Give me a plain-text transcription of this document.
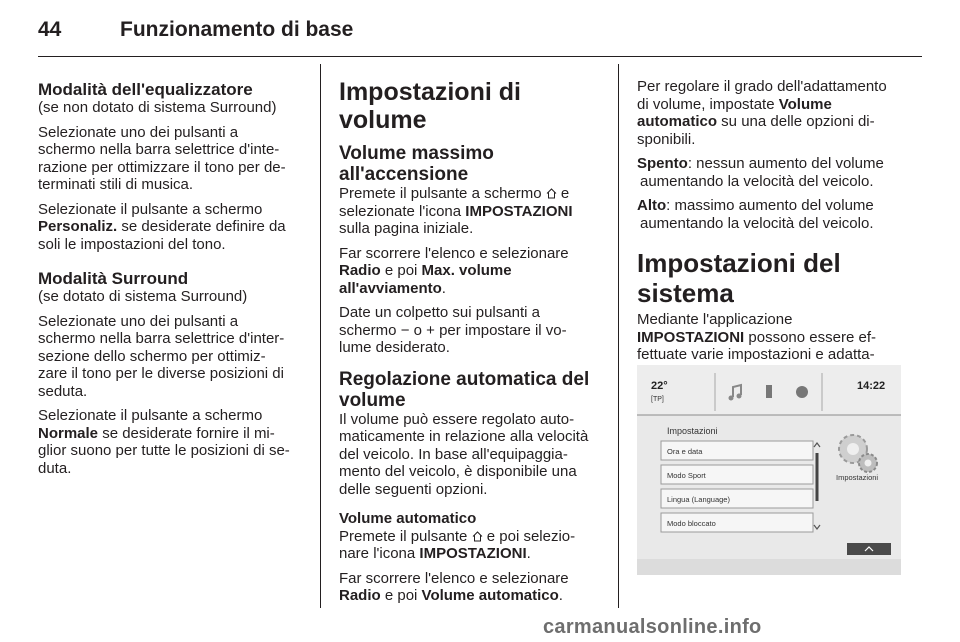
44	Funzionamento di base
Modalità dell'equalizzatore

(se non dotato di sistema Surround)

Selezionate uno dei pulsanti a
schermo nella barra selettrice d'inte-
razione per ottimizzare il tono per de-
terminati stili di musica.

Selezionate il pulsante a schermo
Personaliz. se desiderate definire da
soli le impostazioni del tono.

Modalità Surround

(se dotato di sistema Surround)

Selezionate uno dei pulsanti a
schermo nella barra selettrice d'inter-
sezione dello schermo per ottimiz-
zare il tono per le diverse posizioni di
seduta.

Selezionate il pulsante a schermo
Normale se desiderate fornire il mi-
glior suono per tutte le posizioni di se-
duta.

Impostazioni di volume
Volume massimo all'accensione

Premete il pulsante a schermo  e
selezionate l'icona IMPOSTAZIONI
sulla pagina iniziale.

Far scorrere l'elenco e selezionare
Radio e poi Max. volume
all'avviamento.

Date un colpetto sui pulsanti a
schermo − o + per impostare il vo-
lume desiderato.

Regolazione automatica del
volume

Il volume può essere regolato auto-
maticamente in relazione alla velocità
del veicolo. In base all'equipaggia-
mento del veicolo, è disponibile una
delle seguenti opzioni.

Volume automatico

Premete il pulsante  e poi selezio-
nare l'icona IMPOSTAZIONI.

Far scorrere l'elenco e selezionare
Radio e poi Volume automatico.

Per regolare il grado dell'adattamento
di volume, impostate Volume
automatico su una delle opzioni di-
sponibili.

Spento: nessun aumento del volume
aumentando la velocità del veicolo.

Alto: massimo aumento del volume
aumentando la velocità del veicolo.

Impostazioni del sistema

Mediante l'applicazione
IMPOSTAZIONI possono essere ef-
fettuate varie impostazioni e adatta-

22°
[TP]
14:22
Impostazioni
Ora e data
Modo Sport
Lingua (Language)
Modo bloccato
Impostazioni
carmanualsonline.info
